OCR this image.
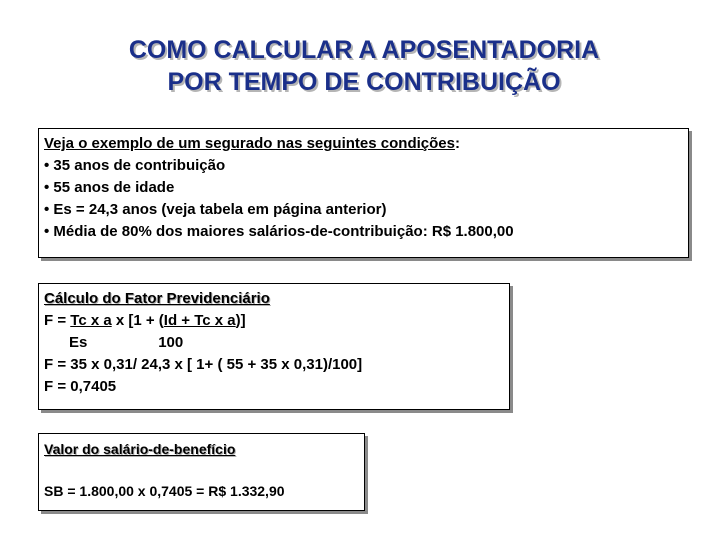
COMO CALCULAR A APOSENTADORIA
POR TEMPO DE CONTRIBUIÇÃO
Veja o exemplo de um segurado nas seguintes condições:
• 35 anos de contribuição
• 55 anos de idade
• Es = 24,3 anos (veja tabela em página anterior)
• Média de 80% dos maiores salários-de-contribuição: R$ 1.800,00
Cálculo do Fator Previdenciário
F = Tc x a x [1 + (Id + Tc x a)]
Es                 100
F = 35 x 0,31/ 24,3 x [ 1+ ( 55 + 35 x 0,31)/100]
F = 0,7405
Valor do salário-de-benefício
SB = 1.800,00 x 0,7405 = R$ 1.332,90
